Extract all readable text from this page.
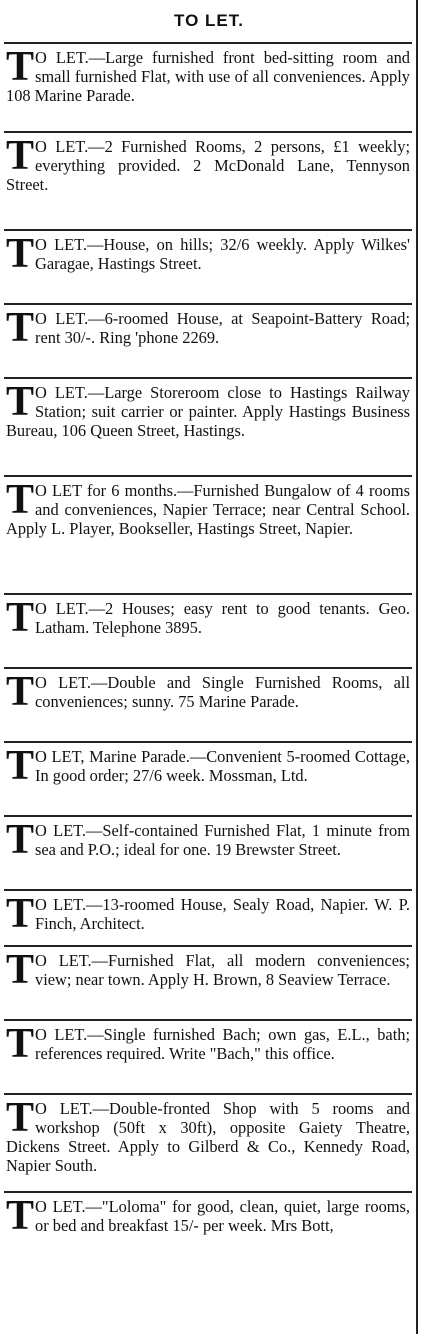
TO LET.
T O LET.—Large furnished front bed-sitting room and small furnished Flat, with use of all conveniences. Apply 108 Marine Parade.
T O LET.—2 Furnished Rooms, 2 persons, £1 weekly; everything provided. 2 McDonald Lane, Tennyson Street.
T O LET.—House, on hills; 32/6 weekly. Apply Wilkes' Garagae, Hastings Street.
T O LET.—6-roomed House, at Seapoint-Battery Road; rent 30/-. Ring 'phone 2269.
T O LET.—Large Storeroom close to Hastings Railway Station; suit carrier or painter. Apply Hastings Business Bureau, 106 Queen Street, Hastings.
T O LET for 6 months.—Furnished Bungalow of 4 rooms and conveniences, Napier Terrace; near Central School. Apply L. Player, Bookseller, Hastings Street, Napier.
T O LET.—2 Houses; easy rent to good tenants. Geo. Latham. Telephone 3895.
T O LET.—Double and Single Furnished Rooms, all conveniences; sunny. 75 Marine Parade.
T O LET, Marine Parade.—Convenient 5-roomed Cottage, In good order; 27/6 week. Mossman, Ltd.
T O LET.—Self-contained Furnished Flat, 1 minute from sea and P.O.; ideal for one. 19 Brewster Street.
T O LET.—13-roomed House, Sealy Road, Napier. W. P. Finch, Architect.
T O LET.—Furnished Flat, all modern conveniences; view; near town. Apply H. Brown, 8 Seaview Terrace.
T O LET.—Single furnished Bach; own gas, E.L., bath; references required. Write "Bach," this office.
T O LET.—Double-fronted Shop with 5 rooms and workshop (50ft x 30ft), opposite Gaiety Theatre, Dickens Street. Apply to Gilberd & Co., Kennedy Road, Napier South.
T O LET.—"Loloma" for good, clean, quiet, large rooms, or bed and breakfast 15/- per week. Mrs Bott,
